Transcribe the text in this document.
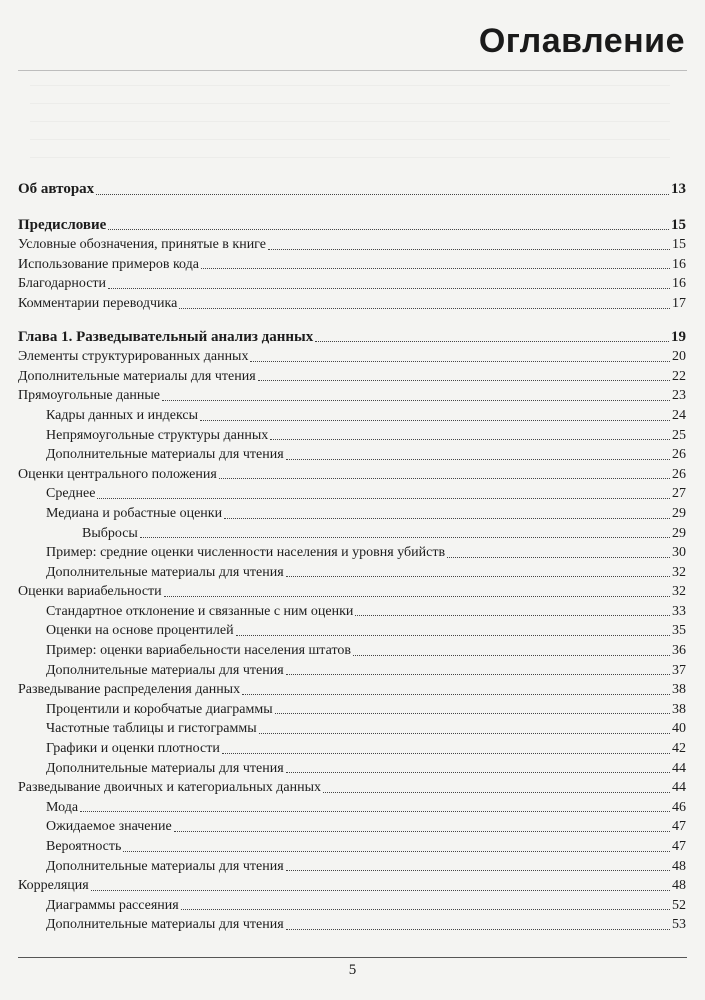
Оглавление
Об авторах	13
Предисловие	15
Условные обозначения, принятые в книге	15
Использование примеров кода	16
Благодарности	16
Комментарии переводчика	17
Глава 1. Разведывательный анализ данных	19
Элементы структурированных данных	20
Дополнительные материалы для чтения	22
Прямоугольные данные	23
Кадры данных и индексы	24
Непрямоугольные структуры данных	25
Дополнительные материалы для чтения	26
Оценки центрального положения	26
Среднее	27
Медиана и робастные оценки	29
Выбросы	29
Пример: средние оценки численности населения и уровня убийств	30
Дополнительные материалы для чтения	32
Оценки вариабельности	32
Стандартное отклонение и связанные с ним оценки	33
Оценки на основе процентилей	35
Пример: оценки вариабельности населения штатов	36
Дополнительные материалы для чтения	37
Разведывание распределения данных	38
Процентили и коробчатые диаграммы	38
Частотные таблицы и гистограммы	40
Графики и оценки плотности	42
Дополнительные материалы для чтения	44
Разведывание двоичных и категориальных данных	44
Мода	46
Ожидаемое значение	47
Вероятность	47
Дополнительные материалы для чтения	48
Корреляция	48
Диаграммы рассеяния	52
Дополнительные материалы для чтения	53
5
